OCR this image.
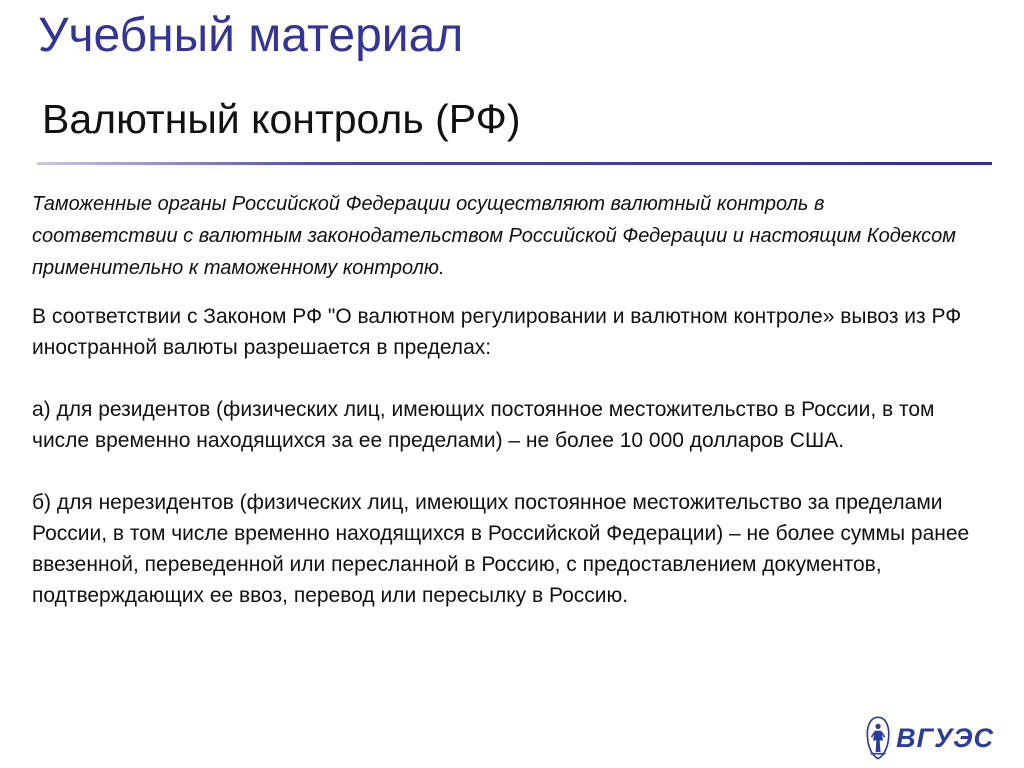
Учебный материал
Валютный контроль (РФ)

Таможенные органы Российской Федерации осуществляют валютный контроль в соответствии с валютным законодательством Российской Федерации и настоящим Кодексом применительно к таможенному контролю.

В соответствии с Законом РФ "О валютном регулировании и валютном контроле» вывоз из РФ иностранной валюты разрешается в пределах:

а) для резидентов (физических лиц, имеющих постоянное местожительство в России, в том числе временно находящихся за ее пределами) – не более 10 000 долларов США.

б) для нерезидентов (физических лиц, имеющих постоянное местожительство за пределами России, в том числе временно находящихся в Российской Федерации) – не более суммы ранее ввезенной, переведенной или пересланной в Россию, с предоставлением документов, подтверждающих ее ввоз, перевод или пересылку в Россию.

ВГУЭС
